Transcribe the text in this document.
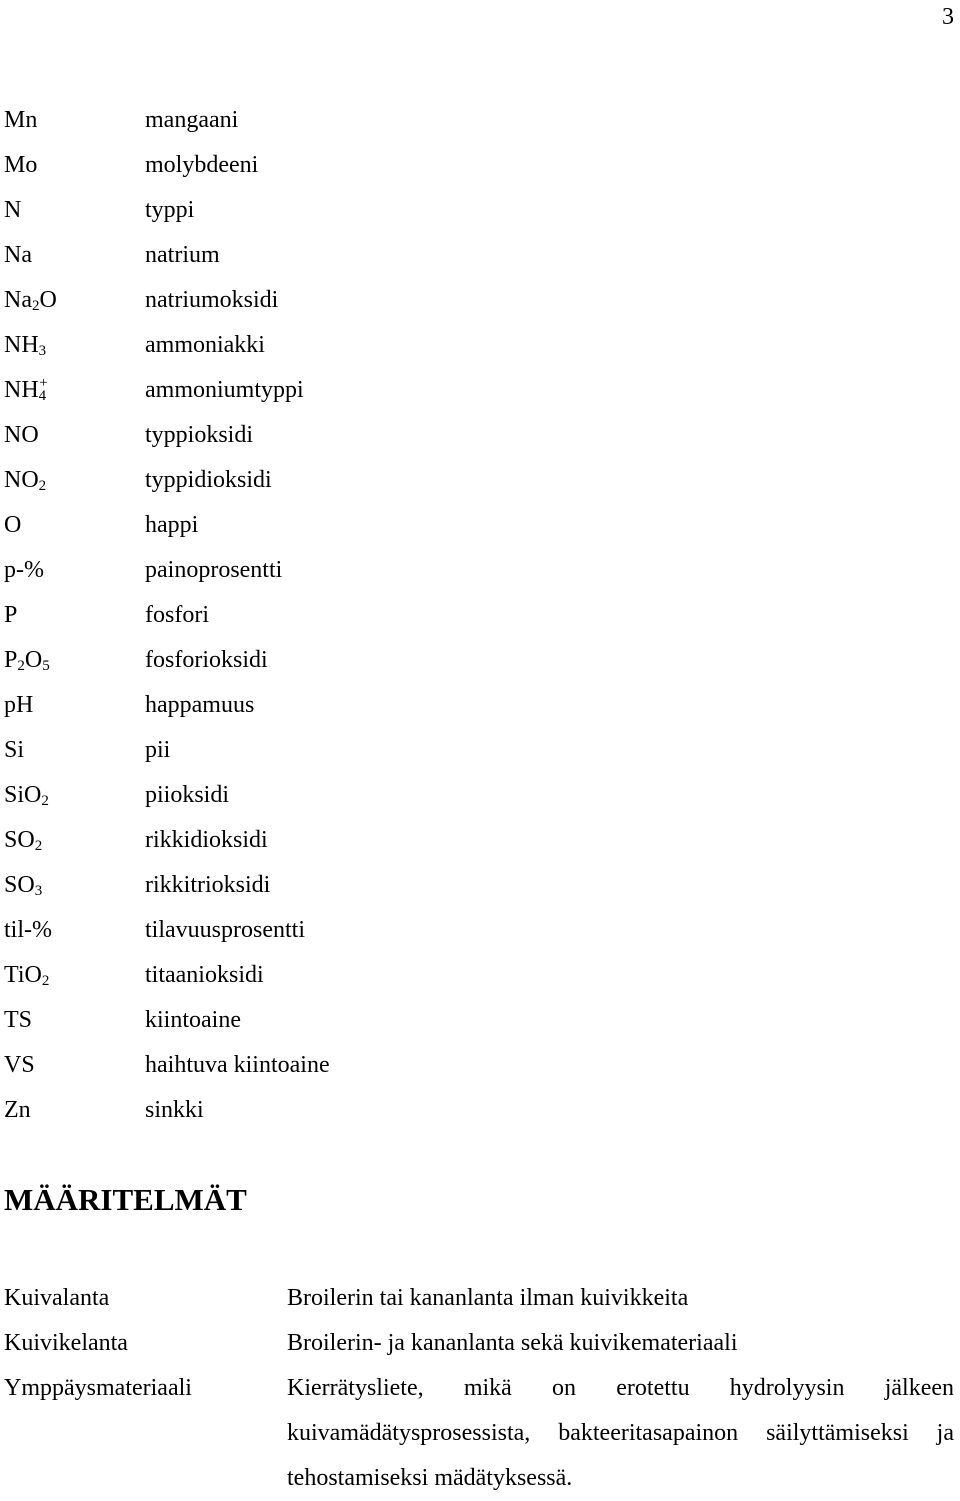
3
Mn	mangaani
Mo	molybdeeni
N	typpi
Na	natrium
$Na_2O$	natriumoksidi
$NH_3$	ammoniakki
$NH_4^+$	ammoniumtyppi
NO	typpioksidi
$NO_2$	typpidioksidi
O	happi
p-%	painoprosentti
P	fosfori
$P_2O_5$	fosforioksidi
pH	happamuus
Si	pii
SiO$_2$	piioksidi
$SO_2$	rikkidioksidi
$SO_3$	rikkitrioksidi
til-%	tilavuusprosentti
TiO$_2$	titaanioksidi
TS	kiintoaine
VS	haihtuva kiintoaine
Zn	sinkki
MÄÄRITELMÄT
Kuivalanta	Broilerin tai kananlanta ilman kuivikkeita
Kuivikelanta	Broilerin- ja kananlanta sekä kuivikemateriaali
Ymppäysmateriaali	Kierrätysliete, mikä on erotettu hydrolyysin jälkeen kuivamädätysprosessista, bakteeritasapainon säilyttämiseksi ja tehostamiseksi mädätyksessä.
